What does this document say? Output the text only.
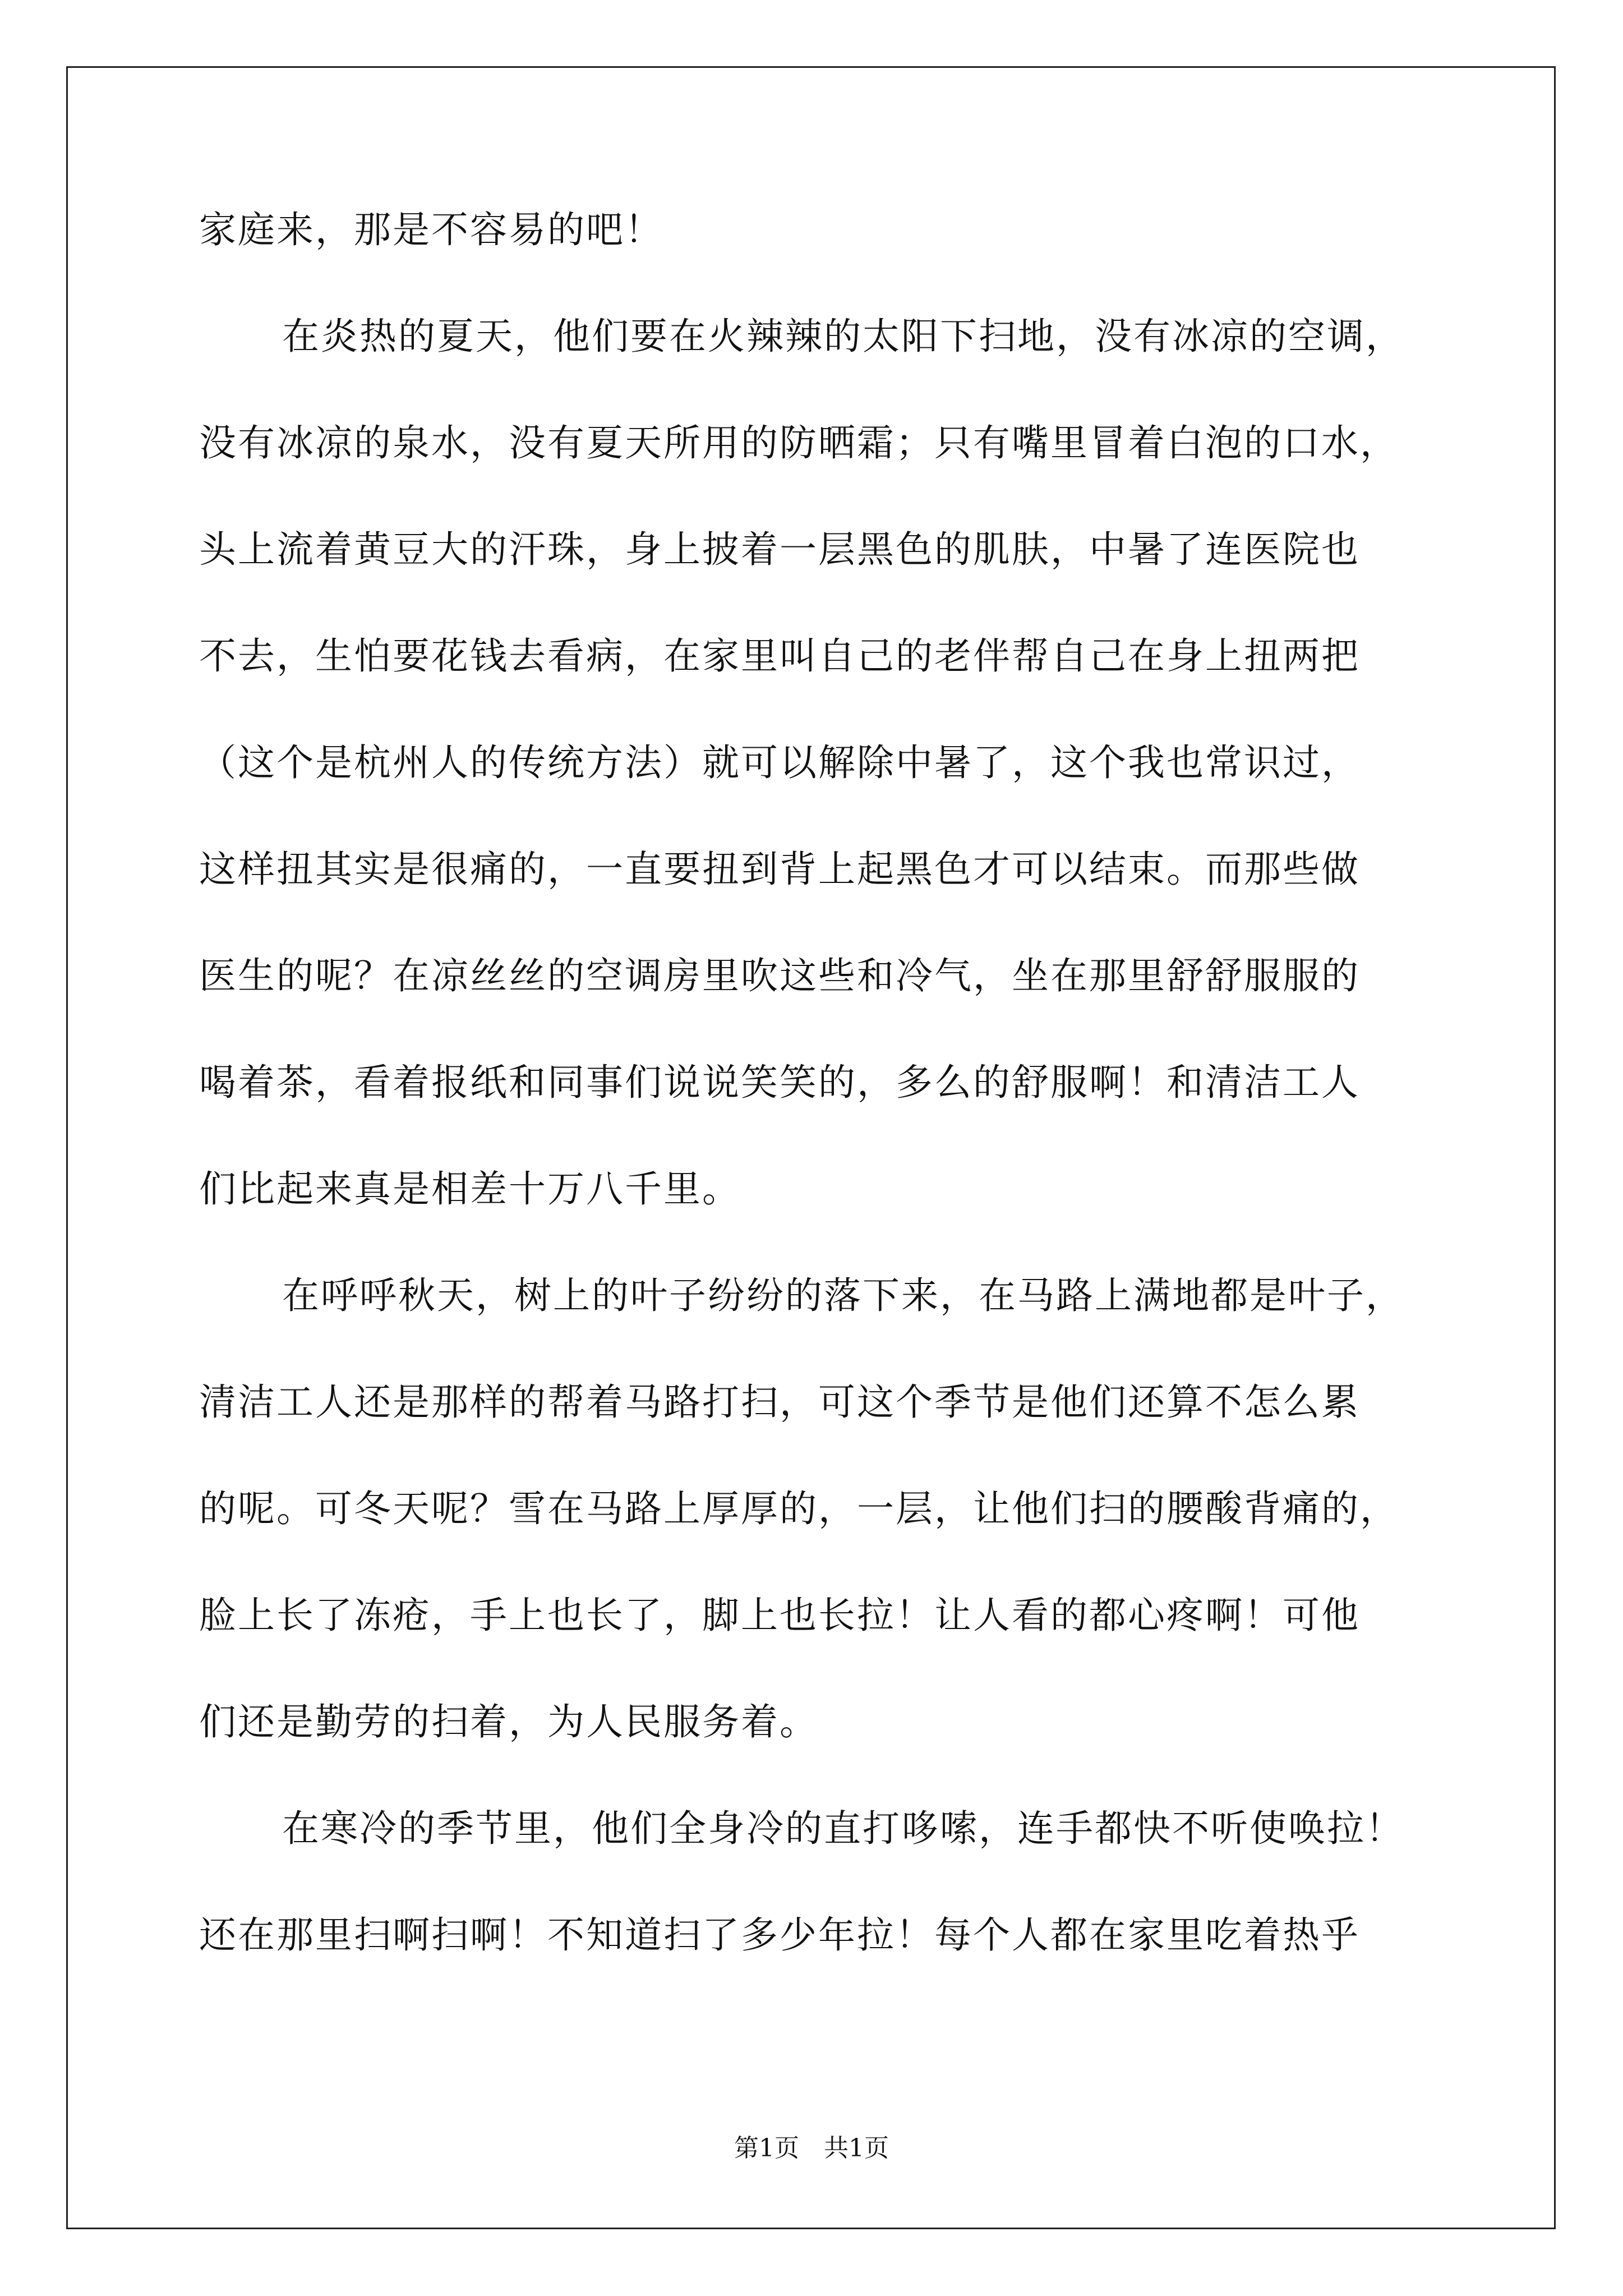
家庭来，那是不容易的吧！
在炎热的夏天，他们要在火辣辣的太阳下扫地，没有冰凉的空调，
没有冰凉的泉水，没有夏天所用的防晒霜；只有嘴里冒着白泡的口水，
头上流着黄豆大的汗珠，身上披着一层黑色的肌肤，中暑了连医院也
不去，生怕要花钱去看病，在家里叫自己的老伴帮自己在身上扭两把
（这个是杭州人的传统方法）就可以解除中暑了，这个我也常识过，
这样扭其实是很痛的，一直要扭到背上起黑色才可以结束。而那些做
医生的呢？在凉丝丝的空调房里吹这些和冷气，坐在那里舒舒服服的
喝着茶，看着报纸和同事们说说笑笑的，多么的舒服啊！和清洁工人
们比起来真是相差十万八千里。
在呼呼秋天，树上的叶子纷纷的落下来，在马路上满地都是叶子，
清洁工人还是那样的帮着马路打扫，可这个季节是他们还算不怎么累
的呢。可冬天呢？雪在马路上厚厚的，一层，让他们扫的腰酸背痛的，
脸上长了冻疮，手上也长了，脚上也长拉！让人看的都心疼啊！可他
们还是勤劳的扫着，为人民服务着。
在寒冷的季节里，他们全身冷的直打哆嗦，连手都快不听使唤拉！
还在那里扫啊扫啊！不知道扫了多少年拉！每个人都在家里吃着热乎
第1页　共1页
